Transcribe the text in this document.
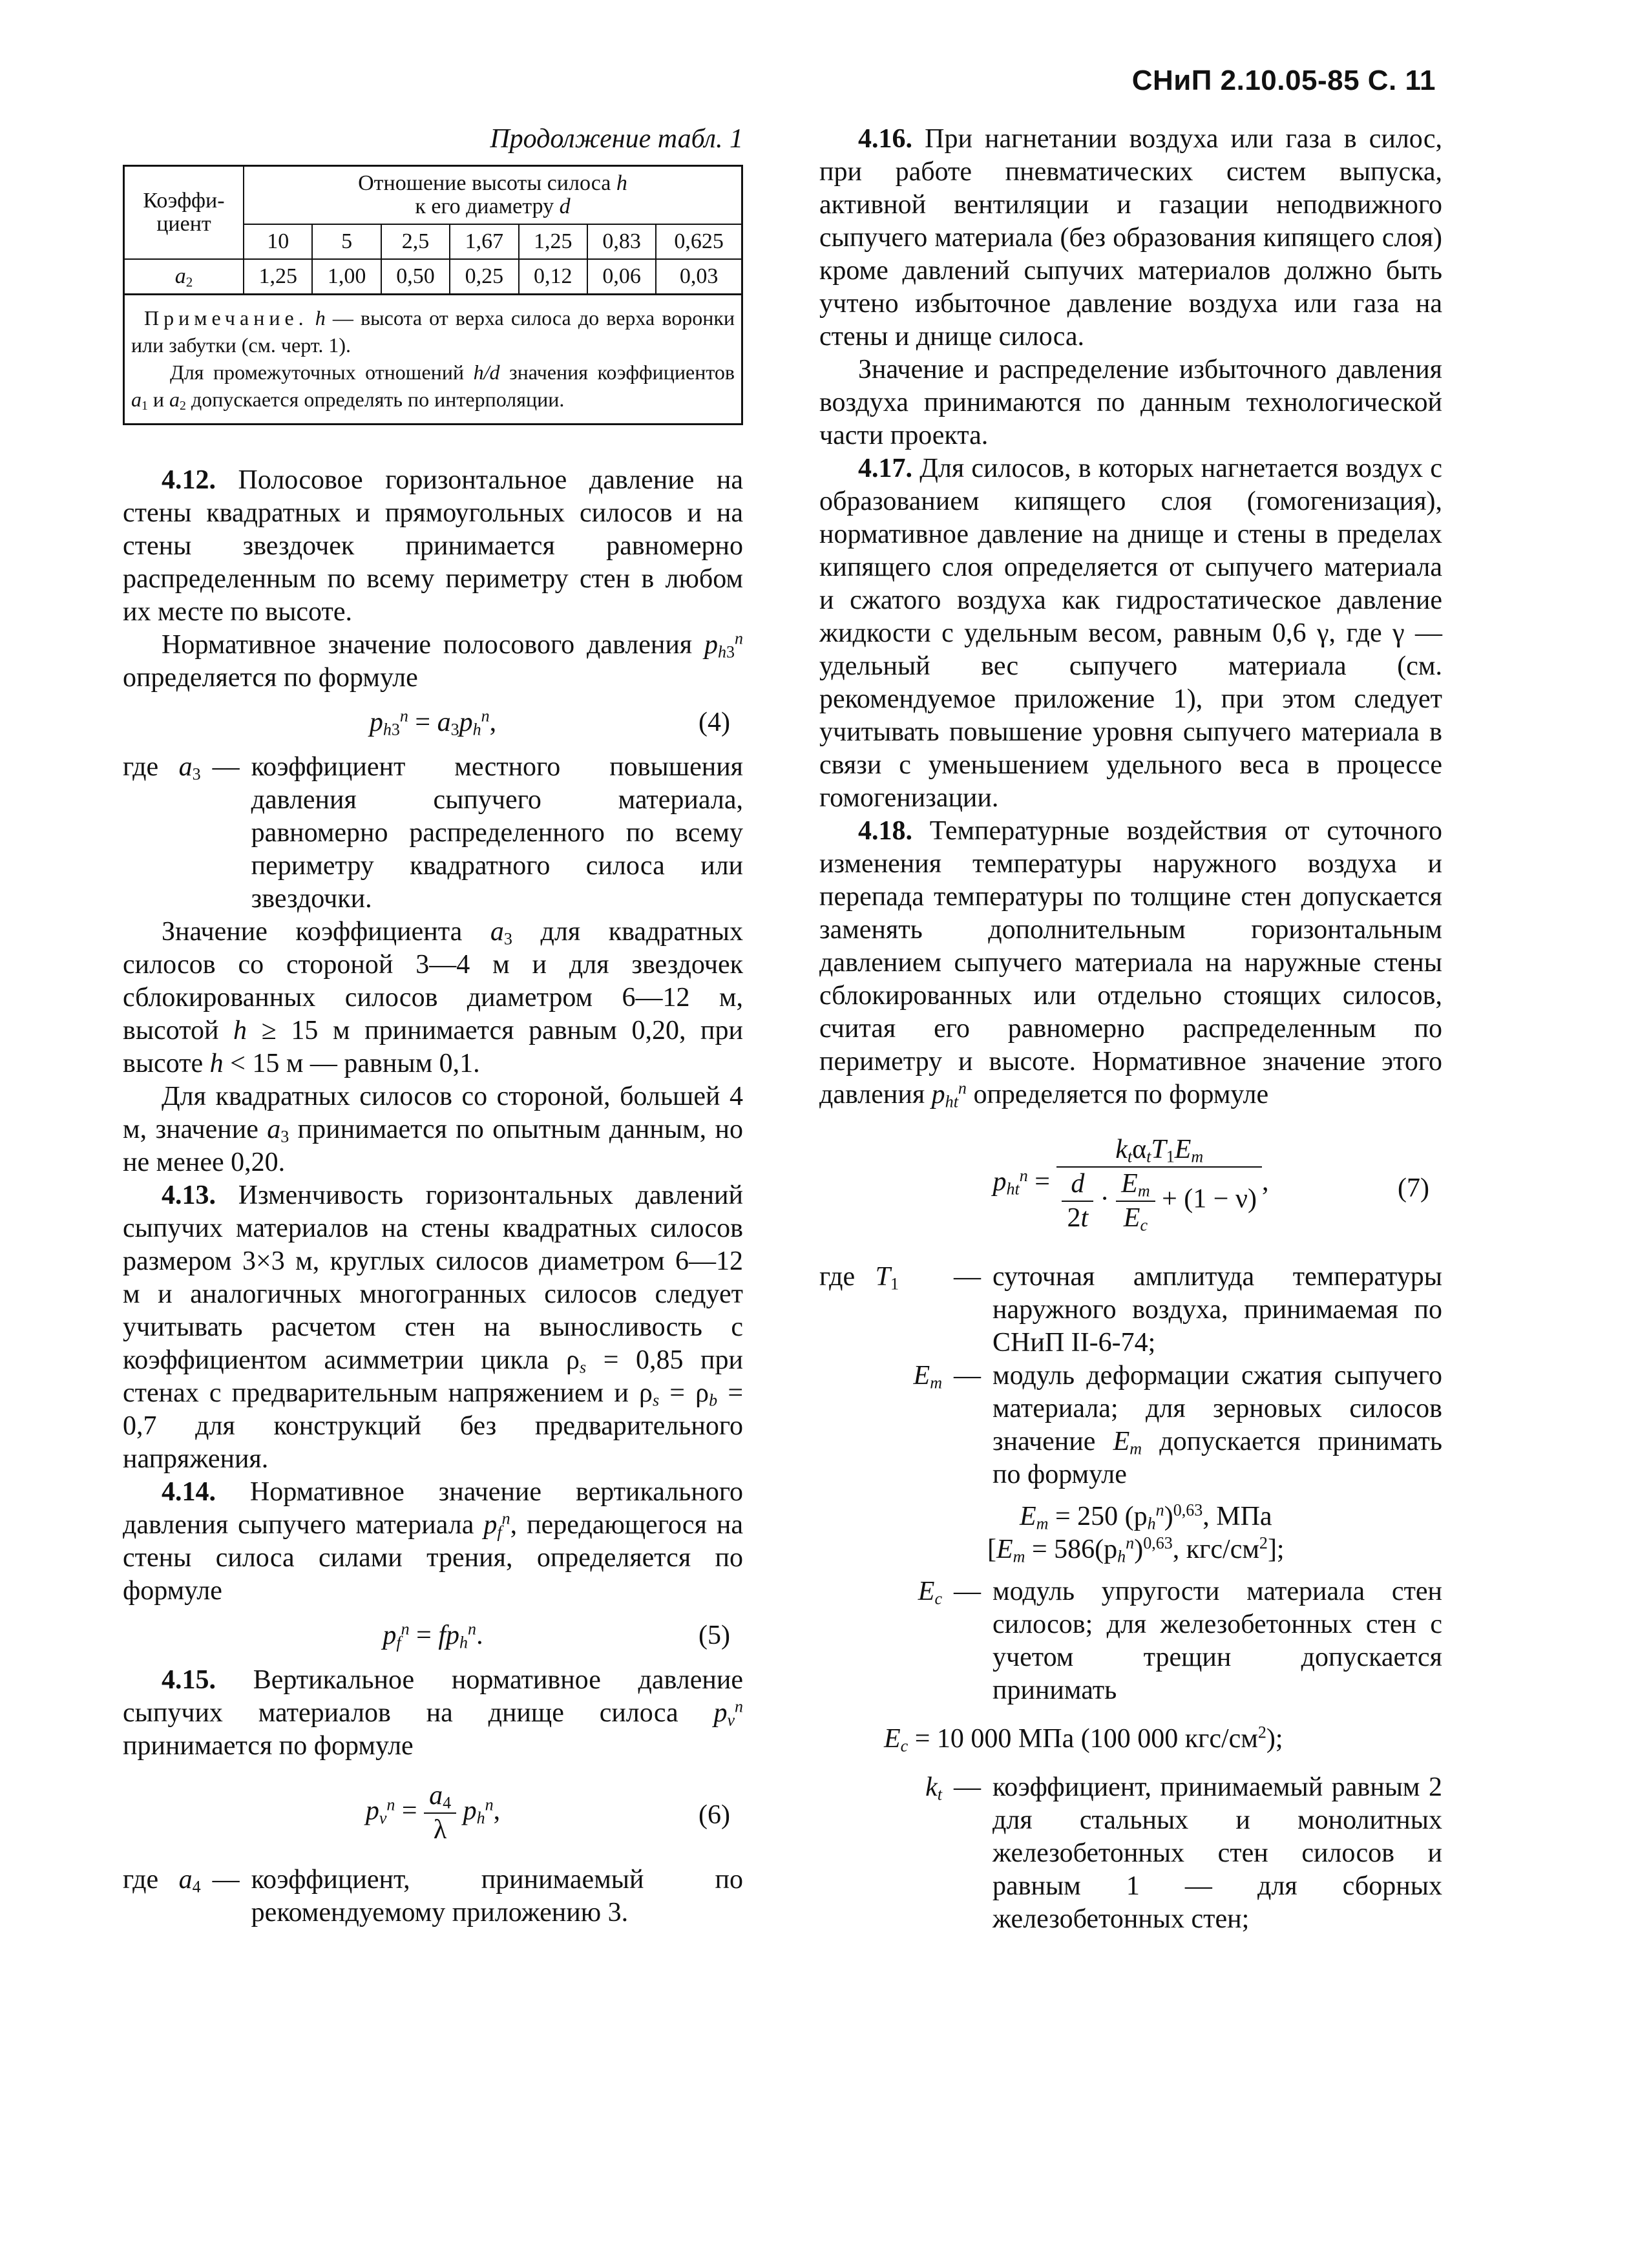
СНиП 2.10.05-85 С. 11
Продолжение табл. 1
Коэффи-
циент	Отношение высоты силоса h
к его диаметру d						
	10	5	2,5	1,67	1,25	0,83	0,625
$a_2$	1,25	1,00	0,50	0,25	0,12	0,06	0,03

Примечание. h — высота от верха силоса до верха воронки или забутки (см. черт. 1).

Для промежуточных отношений h/d значения коэффициентов $a_1$ и $a_2$ допускается определять по интерполяции.

4.12. Полосовое горизонтальное давление на стены квадратных и прямоугольных силосов и на стены звездочек принимается равномерно распределенным по всему периметру стен в любом их месте по высоте.

Нормативное значение полосового давления $p_{h3}^n$ определяется по формуле

$p_{h3}^n = a_3p_h^n$,	(4)
где $a_3$ — коэффициент местного повышения давления сыпучего материала, равномерно распределенного по всему периметру квадратного силоса или звездочки.

Значение коэффициента $a_3$ для квадратных силосов со стороной 3—4 м и для звездочек сблокированных силосов диаметром 6—12 м, высотой h ≥ 15 м принимается равным 0,20, при высоте h < 15 м — равным 0,1.

Для квадратных силосов со стороной, большей 4 м, значение $a_3$ принимается по опытным данным, но не менее 0,20.

4.13. Изменчивость горизонтальных давлений сыпучих материалов на стены квадратных силосов размером 3×3 м, круглых силосов диаметром 6—12 м и аналогичных многогранных силосов следует учитывать расчетом стен на выносливость с коэффициентом асимметрии цикла $\rho_s = 0,85$ при стенах с предварительным напряжением и $\rho_s = \rho_b = 0,7$ для конструкций без предварительного напряжения.

4.14. Нормативное значение вертикального давления сыпучего материала $p_f^n$, передающегося на стены силоса силами трения, определяется по формуле

$p_f^n = fp_h^n$.	(5)

4.15. Вертикальное нормативное давление сыпучих материалов на днище силоса $p_v^n$ принимается по формуле

$p_v^n = \frac{a_4}{\lambda} p_h^n$,	(6)
где $a_4$ — коэффициент, принимаемый по рекомендуемому приложению 3.

4.16. При нагнетании воздуха или газа в силос, при работе пневматических систем выпуска, активной вентиляции и газации неподвижного сыпучего материала (без образования кипящего слоя) кроме давлений сыпучих материалов должно быть учтено избыточное давление воздуха или газа на стены и днище силоса.

Значение и распределение избыточного давления воздуха принимаются по данным технологической части проекта.

4.17. Для силосов, в которых нагнетается воздух с образованием кипящего слоя (гомогенизация), нормативное давление на днище и стены в пределах кипящего слоя определяется от сыпучего материала и сжатого воздуха как гидростатическое давление жидкости с удельным весом, равным 0,6 γ, где γ — удельный вес сыпучего материала (см. рекомендуемое приложение 1), при этом следует учитывать повышение уровня сыпучего материала в связи с уменьшением удельного веса в процессе гомогенизации.

4.18. Температурные воздействия от суточного изменения температуры наружного воздуха и перепада температуры по толщине стен допускается заменять дополнительным горизонтальным давлением сыпучего материала на наружные стены сблокированных или отдельно стоящих силосов, считая его равномерно распределенным по периметру и высоте. Нормативное значение этого давления $p_{ht}^n$ определяется по формуле

$p_{ht}^n = \frac{k_t\alpha_tT_1E_m}{\frac{d}{2t} \cdot \frac{E_m}{E_c} + (1 - \nu)}$ ,	(7)
где $T_1$	— суточная амплитуда температуры наружного воздуха, принимаемая по СНиП II-6-74;
$E_m$ — модуль деформации сжатия сыпучего материала; для зерновых силосов значение $E_m$ допускается принимать по формуле
$E_m = 250$ $(p_h^n)^{0,63}$, МПа
[$E_m = 586(p_h^n)^{0,63}$, кгс/$см^2$];
$E_c$ — модуль упругости материала стен силосов; для железобетонных стен с учетом трещин допускается принимать
$E_c = 10$ 000 МПа (100 000 кгс/$см^2$);
$k_t$ — коэффициент, принимаемый равным 2 для стальных и монолитных железобетонных стен силосов и равным 1 — для сборных железобетонных стен;
